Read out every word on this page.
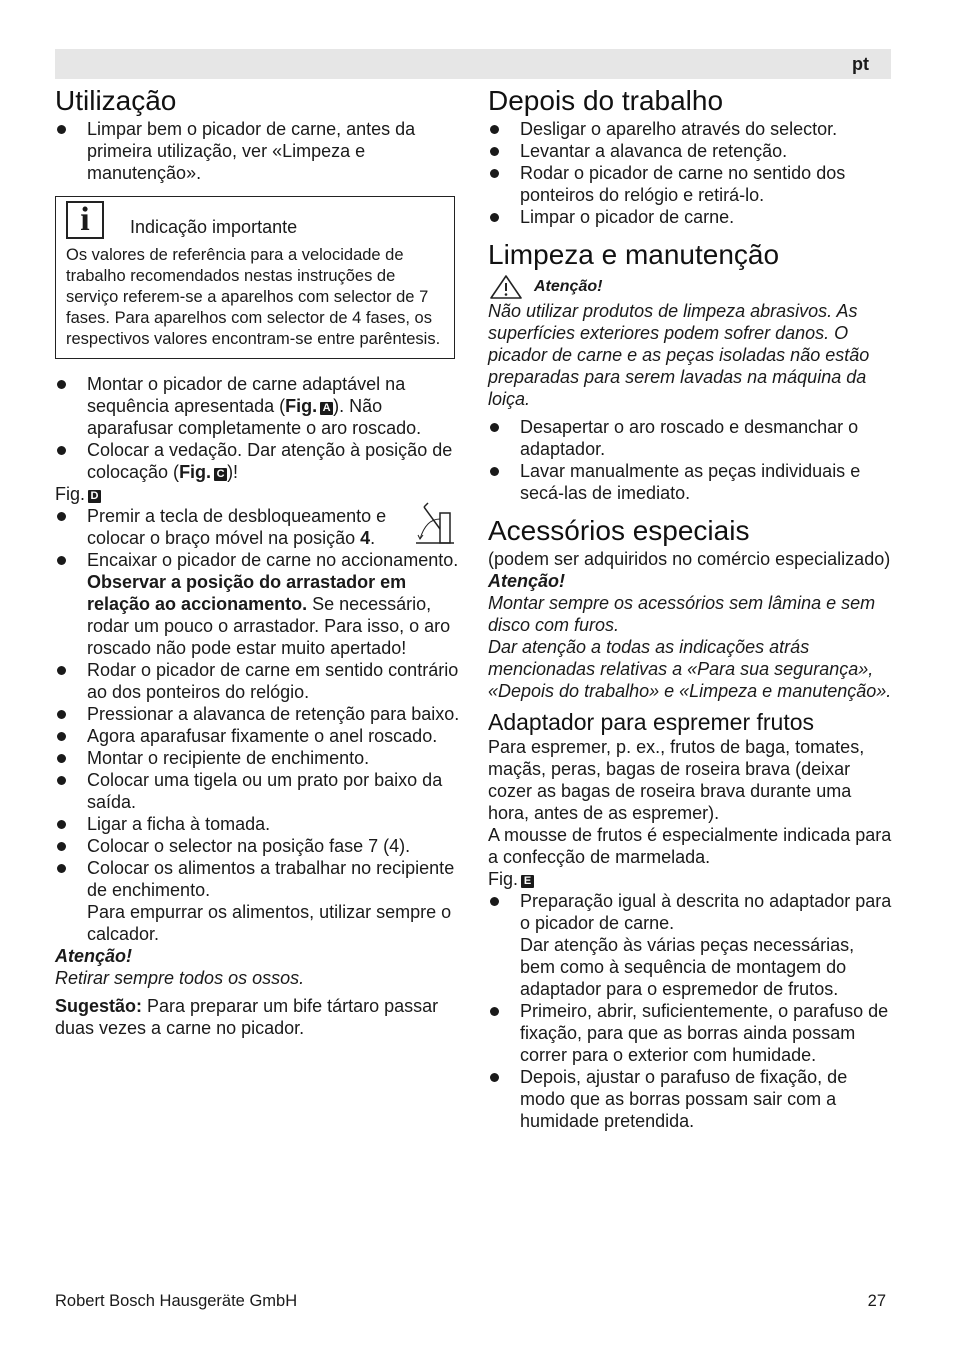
pt
Utilização
Limpar bem o picador de carne, antes da primeira utilização, ver «Limpeza e manutenção».
i	Indicação importante

Os valores de referência para a velocidade de trabalho recomendados nestas instruções de serviço referem-se a aparelhos com selector de 7 fases. Para aparelhos com selector de 4 fases, os respectivos valores encontram-se entre parêntesis.

Montar o picador de carne adaptável na sequência apresentada (Fig. A ). Não aparafusar completamente o aro roscado.
Colocar a vedação. Dar atenção à posição de colocação (Fig. C )!

Fig. D

Premir a tecla de desbloqueamento e colocar o braço móvel na posição 4.
Encaixar o picador de carne no accionamento. Observar a posição do arrastador em relação ao accionamento. Se necessário, rodar um pouco o arrastador. Para isso, o aro roscado não pode estar muito apertado!
Rodar o picador de carne em sentido contrário ao dos ponteiros do relógio.
Pressionar a alavanca de retenção para baixo.
Agora aparafusar fixamente o anel roscado.
Montar o recipiente de enchimento.
Colocar uma tigela ou um prato por baixo da saída.
Ligar a ficha à tomada.
Colocar o selector na posição fase 7 (4).
Colocar os alimentos a trabalhar no recipiente de enchimento.
Para empurrar os alimentos, utilizar sempre o calcador.

Atenção!

Retirar sempre todos os ossos.

Sugestão: Para preparar um bife tártaro passar duas vezes a carne no picador.

Depois do trabalho
Desligar o aparelho através do selector.
Levantar a alavanca de retenção.
Rodar o picador de carne no sentido dos ponteiros do relógio e retirá-lo.
Limpar o picador de carne.
Limpeza e manutenção
Atenção!

Não utilizar produtos de limpeza abrasivos. As superfícies exteriores podem sofrer danos. O picador de carne e as peças isoladas não estão preparadas para serem lavadas na máquina da loiça.

Desapertar o aro roscado e desmanchar o adaptador.
Lavar manualmente as peças individuais e secá-las de imediato.
Acessórios especiais

(podem ser adquiridos no comércio especializado)

Atenção!

Montar sempre os acessórios sem lâmina e sem disco com furos.

Dar atenção a todas as indicações atrás mencionadas relativas a «Para sua segurança», «Depois do trabalho» e «Limpeza e manutenção».

Adaptador para espremer frutos

Para espremer, p. ex., frutos de baga, tomates, maçãs, peras, bagas de roseira brava (deixar cozer as bagas de roseira brava durante uma hora, antes de as espremer).

A mousse de frutos é especialmente indicada para a confecção de marmelada.

Fig. E

Preparação igual à descrita no adaptador para o picador de carne.
Dar atenção às várias peças necessárias, bem como à sequência de montagem do adaptador para o espremedor de frutos.
Primeiro, abrir, suficientemente, o parafuso de fixação, para que as borras ainda possam correr para o exterior com humidade.
Depois, ajustar o parafuso de fixação, de modo que as borras possam sair com a humidade pretendida.
Robert Bosch Hausgeräte GmbH	27
